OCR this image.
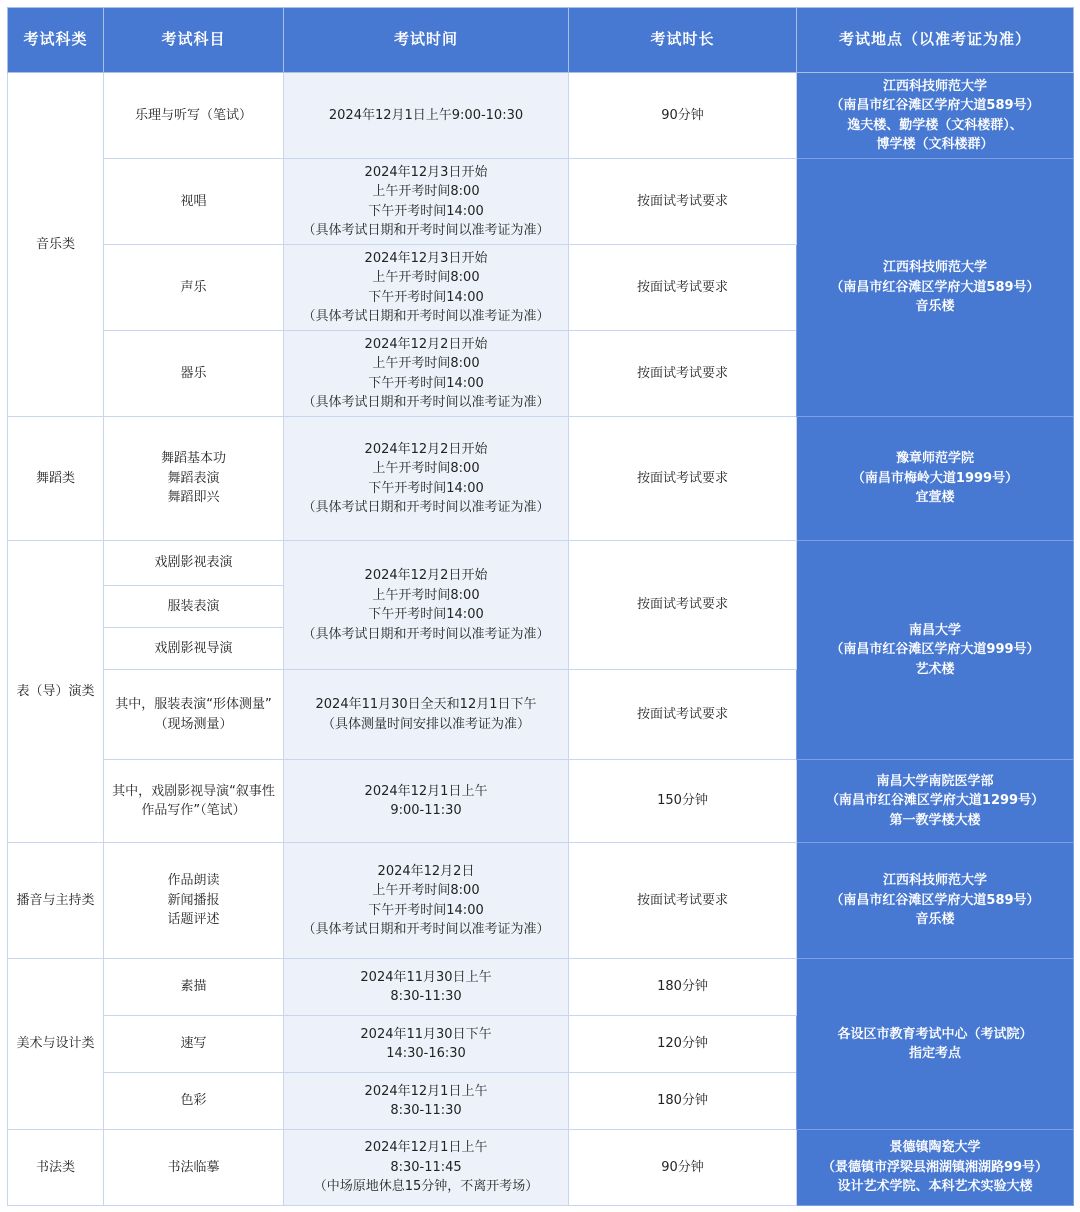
考试科类	考试科目	考试时间	考试时长	考试地点（以准考证为准）
音乐类	乐理与听写（笔试）	2024年12月1日上午9:00-10:30	90分钟	江西科技师范大学
（南昌市红谷滩区学府大道589号）
逸夫楼、勤学楼（文科楼群）、
博学楼（文科楼群）

	视唱	2024年12月3日开始
上午开考时间8:00
下午开考时间14:00
（具体考试日期和开考时间以准考证为准）	按面试考试要求	江西科技师范大学
（南昌市红谷滩区学府大道589号）
音乐楼

	声乐	2024年12月3日开始
上午开考时间8:00
下午开考时间14:00
（具体考试日期和开考时间以准考证为准）	按面试考试要求	

	器乐	2024年12月2日开始
上午开考时间8:00
下午开考时间14:00
（具体考试日期和开考时间以准考证为准）	按面试考试要求	
舞蹈类	舞蹈基本功
舞蹈表演
舞蹈即兴	2024年12月2日开始
上午开考时间8:00
下午开考时间14:00
（具体考试日期和开考时间以准考证为准）	按面试考试要求	豫章师范学院
（南昌市梅岭大道1999号）
宜萱楼

表（导）演类	戏剧影视表演	2024年12月2日开始
上午开考时间8:00
下午开考时间14:00
（具体考试日期和开考时间以准考证为准）	按面试考试要求	南昌大学
（南昌市红谷滩区学府大道999号）
艺术楼

	服装表演			

	戏剧影视导演			

	其中，服装表演“形体测量”
（现场测量）	2024年11月30日全天和12月1日下午
（具体测量时间安排以准考证为准）	按面试考试要求	

	其中，戏剧影视导演“叙事性
作品写作”（笔试）	2024年12月1日上午
9:00-11:30	150分钟	南昌大学南院医学部
（南昌市红谷滩区学府大道1299号）
第一教学楼大楼

播音与主持类	作品朗读
新闻播报
话题评述	2024年12月2日
上午开考时间8:00
下午开考时间14:00
（具体考试日期和开考时间以准考证为准）	按面试考试要求	江西科技师范大学
（南昌市红谷滩区学府大道589号）
音乐楼

美术与设计类	素描	2024年11月30日上午
8:30-11:30	180分钟	各设区市教育考试中心（考试院）
指定考点

	速写	2024年11月30日下午
14:30-16:30	120分钟	

	色彩	2024年12月1日上午
8:30-11:30	180分钟	
书法类	书法临摹	2024年12月1日上午
8:30-11:45
（中场原地休息15分钟，不离开考场）	90分钟	景德镇陶瓷大学
（景德镇市浮梁县湘湖镇湘湖路99号）
设计艺术学院、本科艺术实验大楼
